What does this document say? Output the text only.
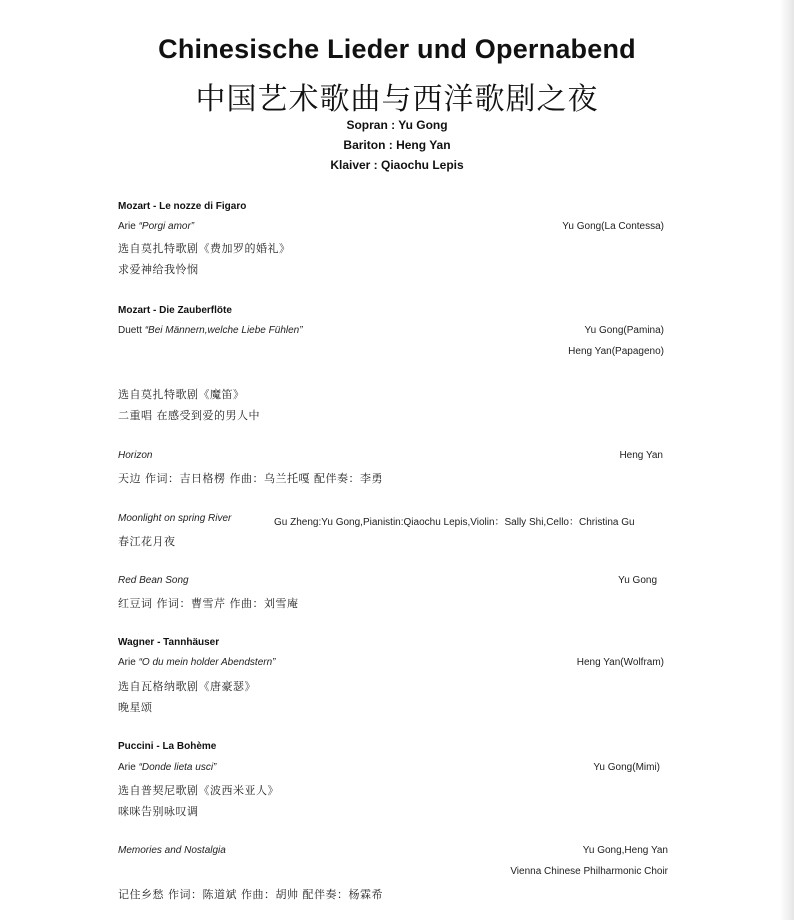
Chinesische Lieder und Opernabend
中国艺术歌曲与西洋歌剧之夜
Sopran : Yu Gong
Bariton : Heng Yan
Klaiver : Qiaochu Lepis
Mozart - Le nozze di Figaro
Arie “Porgi amor”	Yu Gong(La Contessa)
选自莫扎特歌剧《费加罗的婚礼》
求爱神给我怜悯
Mozart - Die Zauberflöte
Duett “Bei Männern,welche Liebe Fühlen”	Yu Gong(Pamina)
Heng Yan(Papageno)
选自莫扎特歌剧《魔笛》
二重唱 在感受到爱的男人中
Horizon	Heng Yan
天边 作词：吉日格楞 作曲：乌兰托嘎 配伴奏：李勇
Moonlight on spring River	Gu Zheng:Yu Gong,Pianistin:Qiaochu Lepis,Violin：Sally Shi,Cello：Christina Gu
春江花月夜
Red Bean Song	Yu Gong
红豆词 作词：曹雪芹 作曲：刘雪庵
Wagner - Tannhäuser
Arie “O du mein holder Abendstern”	Heng Yan(Wolfram)
选自瓦格纳歌剧《唐豪瑟》
晚星颂
Puccini - La Bohème
Arie “Donde lieta usci”	Yu Gong(Mimi)
选自普契尼歌剧《波西米亚人》
咪咪告别咏叹调
Memories and Nostalgia	Yu Gong,Heng Yan
Vienna Chinese Philharmonic Choir
记住乡愁 作词：陈道斌 作曲：胡帅 配伴奏：杨霖希
